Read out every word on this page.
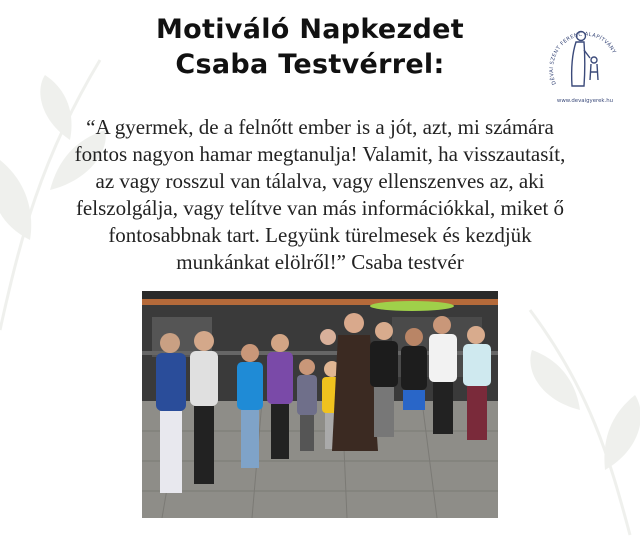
Motiváló Napkezdet
Csaba Testvérrel:
DÉVAI SZENT FERENC ALAPÍTVÁNY
www.devaigyerek.hu
“A gyermek, de a felnőtt ember is a jót, azt, mi számára
fontos nagyon hamar megtanulja! Valamit, ha visszautasít,
az vagy rosszul van tálalva, vagy ellenszenves az, aki
felszolgálja, vagy telítve van más információkkal, miket ő
fontosabbnak tart. Legyünk türelmesek és kezdjük
munkánkat elölről!” Csaba testvér
